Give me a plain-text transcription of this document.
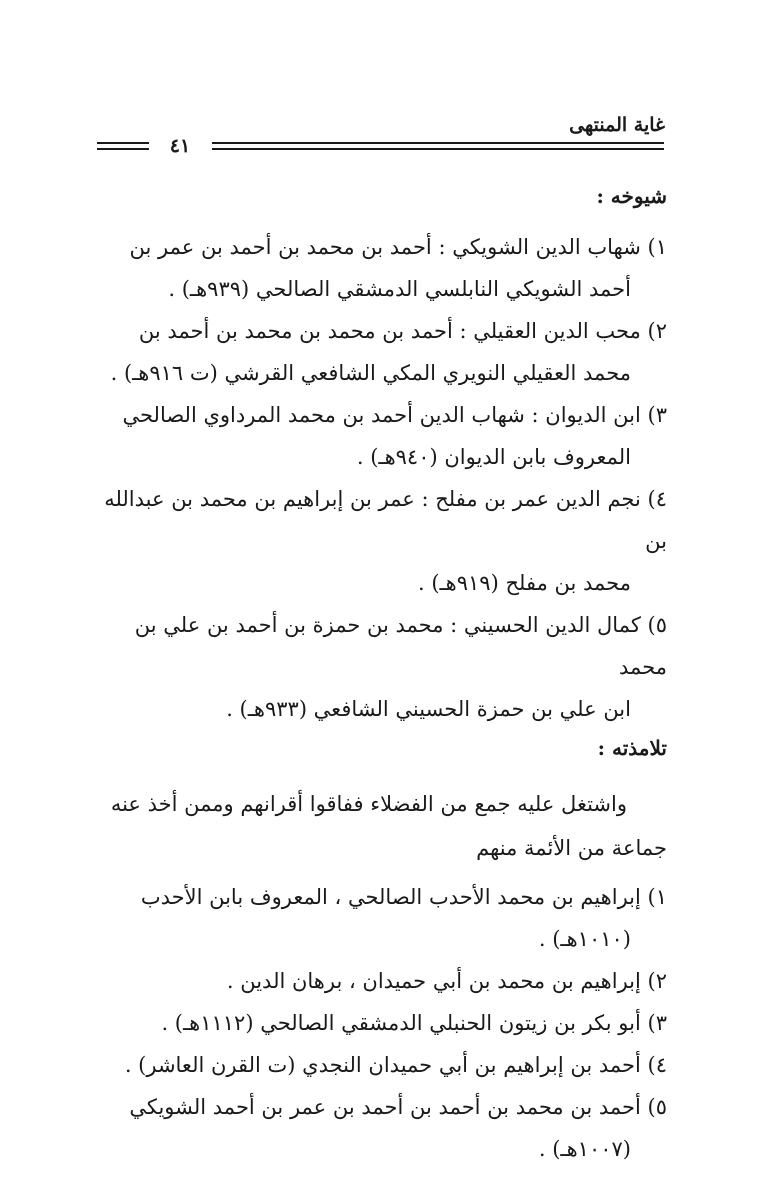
غاية المنتهى
٤١

شيوخه :

١) شهاب الدين الشويكي : أحمد بن محمد بن أحمد بن عمر بن
أحمد الشويكي النابلسي الدمشقي الصالحي (٩٣٩هـ) .

٢) محب الدين العقيلي : أحمد بن محمد بن محمد بن أحمد بن
محمد العقيلي النويري المكي الشافعي القرشي (ت ٩١٦هـ) .

٣) ابن الديوان : شهاب الدين أحمد بن محمد المرداوي الصالحي
المعروف بابن الديوان (٩٤٠هـ) .

٤) نجم الدين عمر بن مفلح : عمر بن إبراهيم بن محمد بن عبدالله بن
محمد بن مفلح (٩١٩هـ) .

٥) كمال الدين الحسيني : محمد بن حمزة بن أحمد بن علي بن محمد
ابن علي بن حمزة الحسيني الشافعي (٩٣٣هـ) .

تلامذته :

واشتغل عليه جمع من الفضلاء ففاقوا أقرانهم وممن أخذ عنه
جماعة من الأئمة منهم

١) إبراهيم بن محمد الأحدب الصالحي ، المعروف بابن الأحدب
(١٠١٠هـ) .

٢) إبراهيم بن محمد بن أبي حميدان ، برهان الدين .

٣) أبو بكر بن زيتون الحنبلي الدمشقي الصالحي (١١١٢هـ) .

٤) أحمد بن إبراهيم بن أبي حميدان النجدي (ت القرن العاشر) .

٥) أحمد بن محمد بن أحمد بن أحمد بن عمر بن أحمد الشويكي
(١٠٠٧هـ) .
